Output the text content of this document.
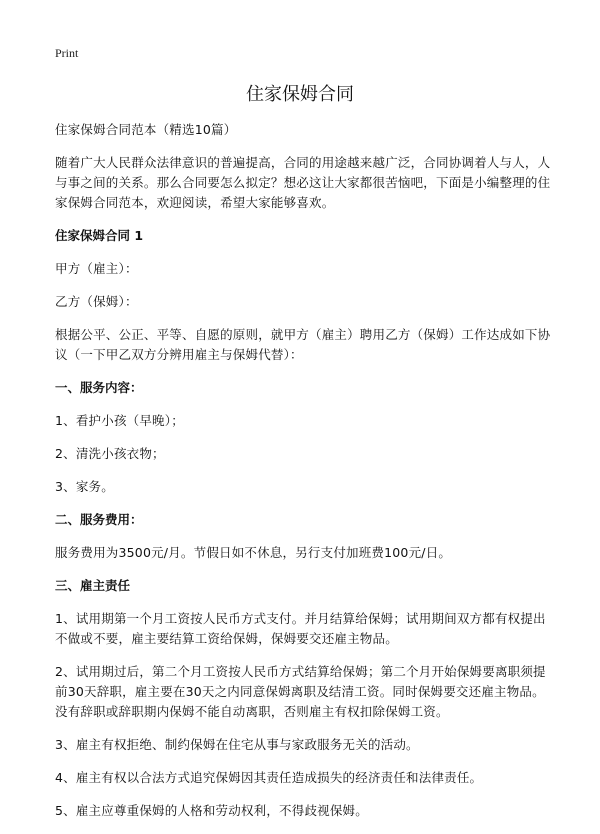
Print
住家保姆合同

住家保姆合同范本（精选10篇）

随着广大人民群众法律意识的普遍提高，合同的用途越来越广泛，合同协调着人与人，人与事之间的关系。那么合同要怎么拟定？想必这让大家都很苦恼吧，下面是小编整理的住家保姆合同范本，欢迎阅读，希望大家能够喜欢。

住家保姆合同 1

甲方（雇主）：

乙方（保姆）：

根据公平、公正、平等、自愿的原则，就甲方（雇主）聘用乙方（保姆）工作达成如下协议（一下甲乙双方分辨用雇主与保姆代替）：

一、服务内容：

1、看护小孩（早晚）；

2、清洗小孩衣物；

3、家务。

二、服务费用：

服务费用为3500元/月。节假日如不休息，另行支付加班费100元/日。

三、雇主责任

1、试用期第一个月工资按人民币方式支付。并月结算给保姆；试用期间双方都有权提出不做或不要，雇主要结算工资给保姆，保姆要交还雇主物品。

2、试用期过后，第二个月工资按人民币方式结算给保姆；第二个月开始保姆要离职须提前30天辞职，雇主要在30天之内同意保姆离职及结清工资。同时保姆要交还雇主物品。没有辞职或辞职期内保姆不能自动离职，否则雇主有权扣除保姆工资。

3、雇主有权拒绝、制约保姆在住宅从事与家政服务无关的活动。

4、雇主有权以合法方式追究保姆因其责任造成损失的经济责任和法律责任。

5、雇主应尊重保姆的人格和劳动权利，不得歧视保姆。
